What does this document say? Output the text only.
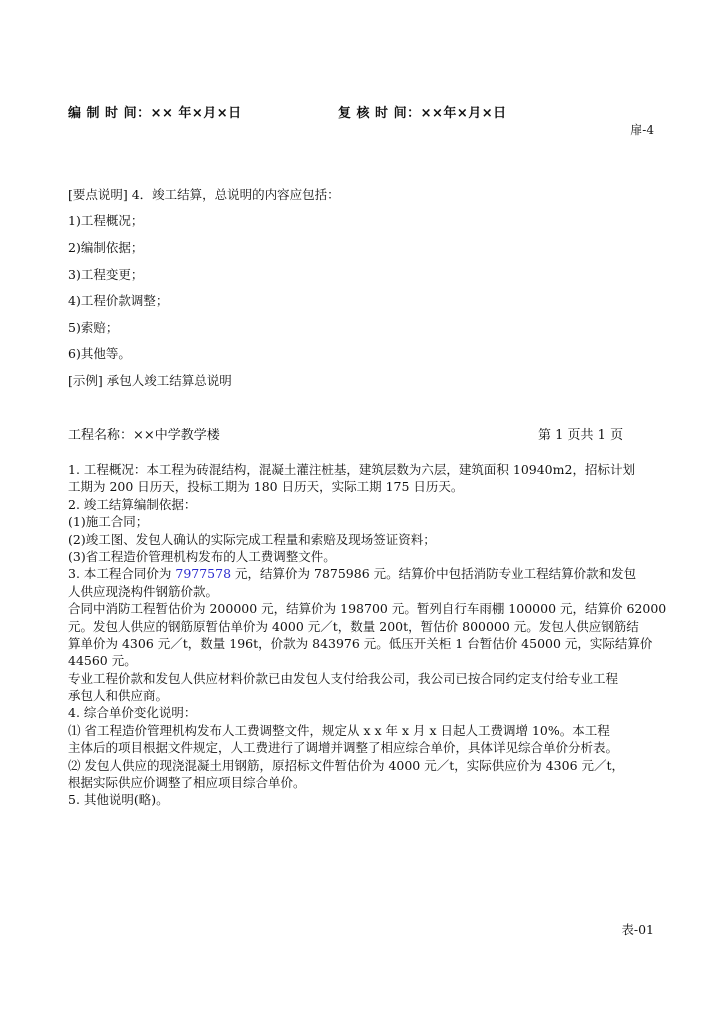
编 制 时 间：×× 年×月×日	复 核 时 间：××年×月×日
扉-4
[要点说明] 4．竣工结算，总说明的内容应包括：
1)工程概况；
2)编制依据；
3)工程变更；
4)工程价款调整；
5)索赔；
6)其他等。
[示例] 承包人竣工结算总说明
工程名称：××中学教学楼	第 1 页共 1 页
1. 工程概况：本工程为砖混结构，混凝土灌注桩基，建筑层数为六层，建筑面积 10940m2，招标计划
工期为 200 日历天，投标工期为 180 日历天，实际工期 175 日历天。
2. 竣工结算编制依据：
(1)施工合同；
(2)竣工图、发包人确认的实际完成工程量和索赔及现场签证资料；
(3)省工程造价管理机构发布的人工费调整文件。
3. 本工程合同价为 7977578 元，结算价为 7875986 元。结算价中包括消防专业工程结算价款和发包
人供应现浇构件钢筋价款。
合同中消防工程暂估价为 200000 元，结算价为 198700 元。暂列自行车雨棚 100000 元，结算价 62000
元。发包人供应的钢筋原暂估单价为 4000 元／t，数量 200t，暂估价 800000 元。发包人供应钢筋结
算单价为 4306 元／t，数量 196t，价款为 843976 元。低压开关柜 1 台暂估价 45000 元，实际结算价
44560 元。
专业工程价款和发包人供应材料价款已由发包人支付给我公司，我公司已按合同约定支付给专业工程
承包人和供应商。
4. 综合单价变化说明：
⑴ 省工程造价管理机构发布人工费调整文件，规定从 x x 年 x 月 x 日起人工费调增 10%。本工程
主体后的项目根据文件规定，人工费进行了调增并调整了相应综合单价，具体详见综合单价分析表。
⑵ 发包人供应的现浇混凝土用钢筋，原招标文件暂估价为 4000 元／t，实际供应价为 4306 元／t，
根据实际供应价调整了相应项目综合单价。
5. 其他说明(略)。
表-01
